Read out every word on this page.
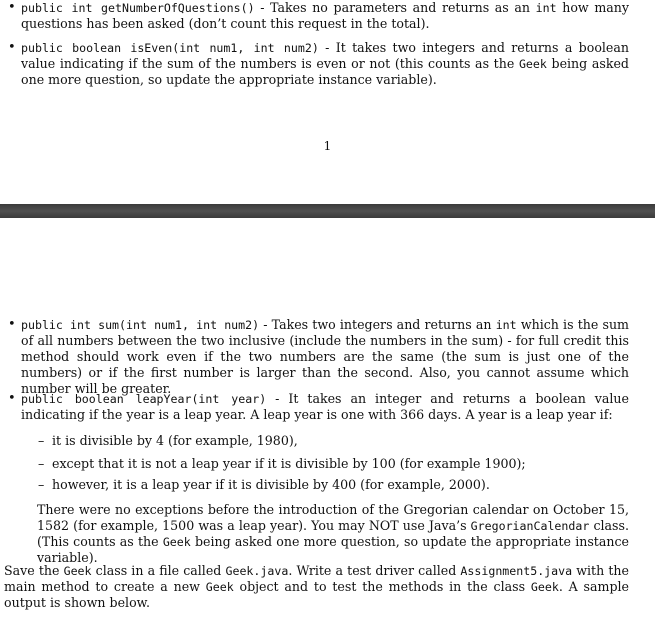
• public int getNumberOfQuestions() - Takes no parameters and returns as an int how many questions has been asked (don’t count this request in the total).

• public boolean isEven(int num1, int num2) - It takes two integers and returns a boolean value indicating if the sum of the numbers is even or not (this counts as the Geek being asked one more question, so update the appropriate instance variable).

1
• public int sum(int num1, int num2) - Takes two integers and returns an int which is the sum of all numbers between the two inclusive (include the numbers in the sum) - for full credit this method should work even if the two numbers are the same (the sum is just one of the numbers) or if the first number is larger than the second. Also, you cannot assume which number will be greater.

• public boolean leapYear(int year) - It takes an integer and returns a boolean value indicating if the year is a leap year. A leap year is one with 366 days. A year is a leap year if:

– it is divisible by 4 (for example, 1980),
– except that it is not a leap year if it is divisible by 100 (for example 1900);
– however, it is a leap year if it is divisible by 400 (for example, 2000).

There were no exceptions before the introduction of the Gregorian calendar on October 15, 1582 (for example, 1500 was a leap year). You may NOT use Java’s GregorianCalendar class. (This counts as the Geek being asked one more question, so update the appropriate instance variable).

Save the Geek class in a file called Geek.java. Write a test driver called Assignment5.java with the main method to create a new Geek object and to test the methods in the class Geek. A sample output is shown below.
